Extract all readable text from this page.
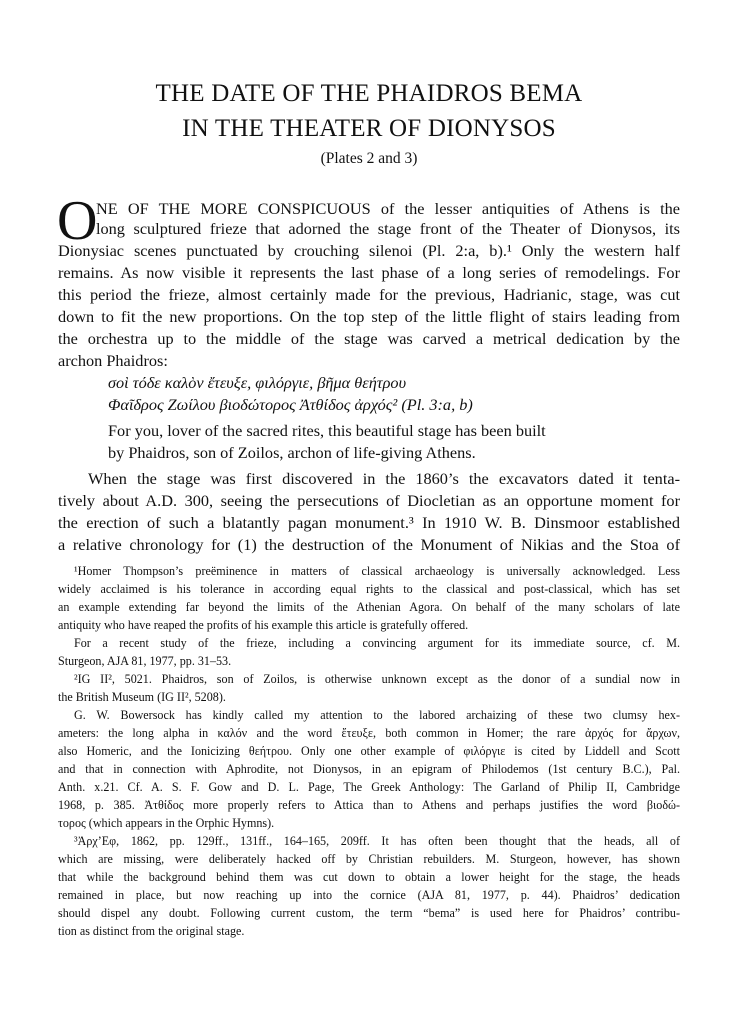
THE DATE OF THE PHAIDROS BEMA
IN THE THEATER OF DIONYSOS
(Plates 2 and 3)
O
NE OF THE MORE CONSPICUOUS of the lesser antiquities of Athens is the
long sculptured frieze that adorned the stage front of the Theater of Dionysos, its
Dionysiac scenes punctuated by crouching silenoi (Pl. 2:a, b).¹ Only the western half
remains. As now visible it represents the last phase of a long series of remodelings. For
this period the frieze, almost certainly made for the previous, Hadrianic, stage, was cut
down to fit the new proportions. On the top step of the little flight of stairs leading from
the orchestra up to the middle of the stage was carved a metrical dedication by the
archon Phaidros:
σοὶ τόδε καλὸν ἔτευξε, φιλόργιε, βῆμα θεήτρου
Φαῖδρος Ζωίλου βιοδώτορος Ἀτθίδος ἀρχός² (Pl. 3:a, b)
For you, lover of the sacred rites, this beautiful stage has been built
by Phaidros, son of Zoilos, archon of life-giving Athens.
When the stage was first discovered in the 1860’s the excavators dated it tenta-
tively about A.D. 300, seeing the persecutions of Diocletian as an opportune moment for
the erection of such a blatantly pagan monument.³ In 1910 W. B. Dinsmoor established
a relative chronology for (1) the destruction of the Monument of Nikias and the Stoa of
¹Homer Thompson’s preëminence in matters of classical archaeology is universally acknowledged. Less
widely acclaimed is his tolerance in according equal rights to the classical and post-classical, which has set
an example extending far beyond the limits of the Athenian Agora. On behalf of the many scholars of late
antiquity who have reaped the profits of his example this article is gratefully offered.
For a recent study of the frieze, including a convincing argument for its immediate source, cf. M.
Sturgeon, AJA 81, 1977, pp. 31–53.
²IG II², 5021. Phaidros, son of Zoilos, is otherwise unknown except as the donor of a sundial now in
the British Museum (IG II², 5208).
G. W. Bowersock has kindly called my attention to the labored archaizing of these two clumsy hex-
ameters: the long alpha in καλόν and the word ἔτευξε, both common in Homer; the rare ἀρχός for ἄρχων,
also Homeric, and the Ionicizing θεήτρου. Only one other example of φιλόργιε is cited by Liddell and Scott
and that in connection with Aphrodite, not Dionysos, in an epigram of Philodemos (1st century B.C.), Pal.
Anth. x.21. Cf. A. S. F. Gow and D. L. Page, The Greek Anthology: The Garland of Philip II, Cambridge
1968, p. 385. Ἀτθίδος more properly refers to Attica than to Athens and perhaps justifies the word βιοδώ-
τορος (which appears in the Orphic Hymns).
³Ἀρχ’Εφ, 1862, pp. 129ff., 131ff., 164–165, 209ff. It has often been thought that the heads, all of
which are missing, were deliberately hacked off by Christian rebuilders. M. Sturgeon, however, has shown
that while the background behind them was cut down to obtain a lower height for the stage, the heads
remained in place, but now reaching up into the cornice (AJA 81, 1977, p. 44). Phaidros’ dedication
should dispel any doubt. Following current custom, the term “bema” is used here for Phaidros’ contribu-
tion as distinct from the original stage.
